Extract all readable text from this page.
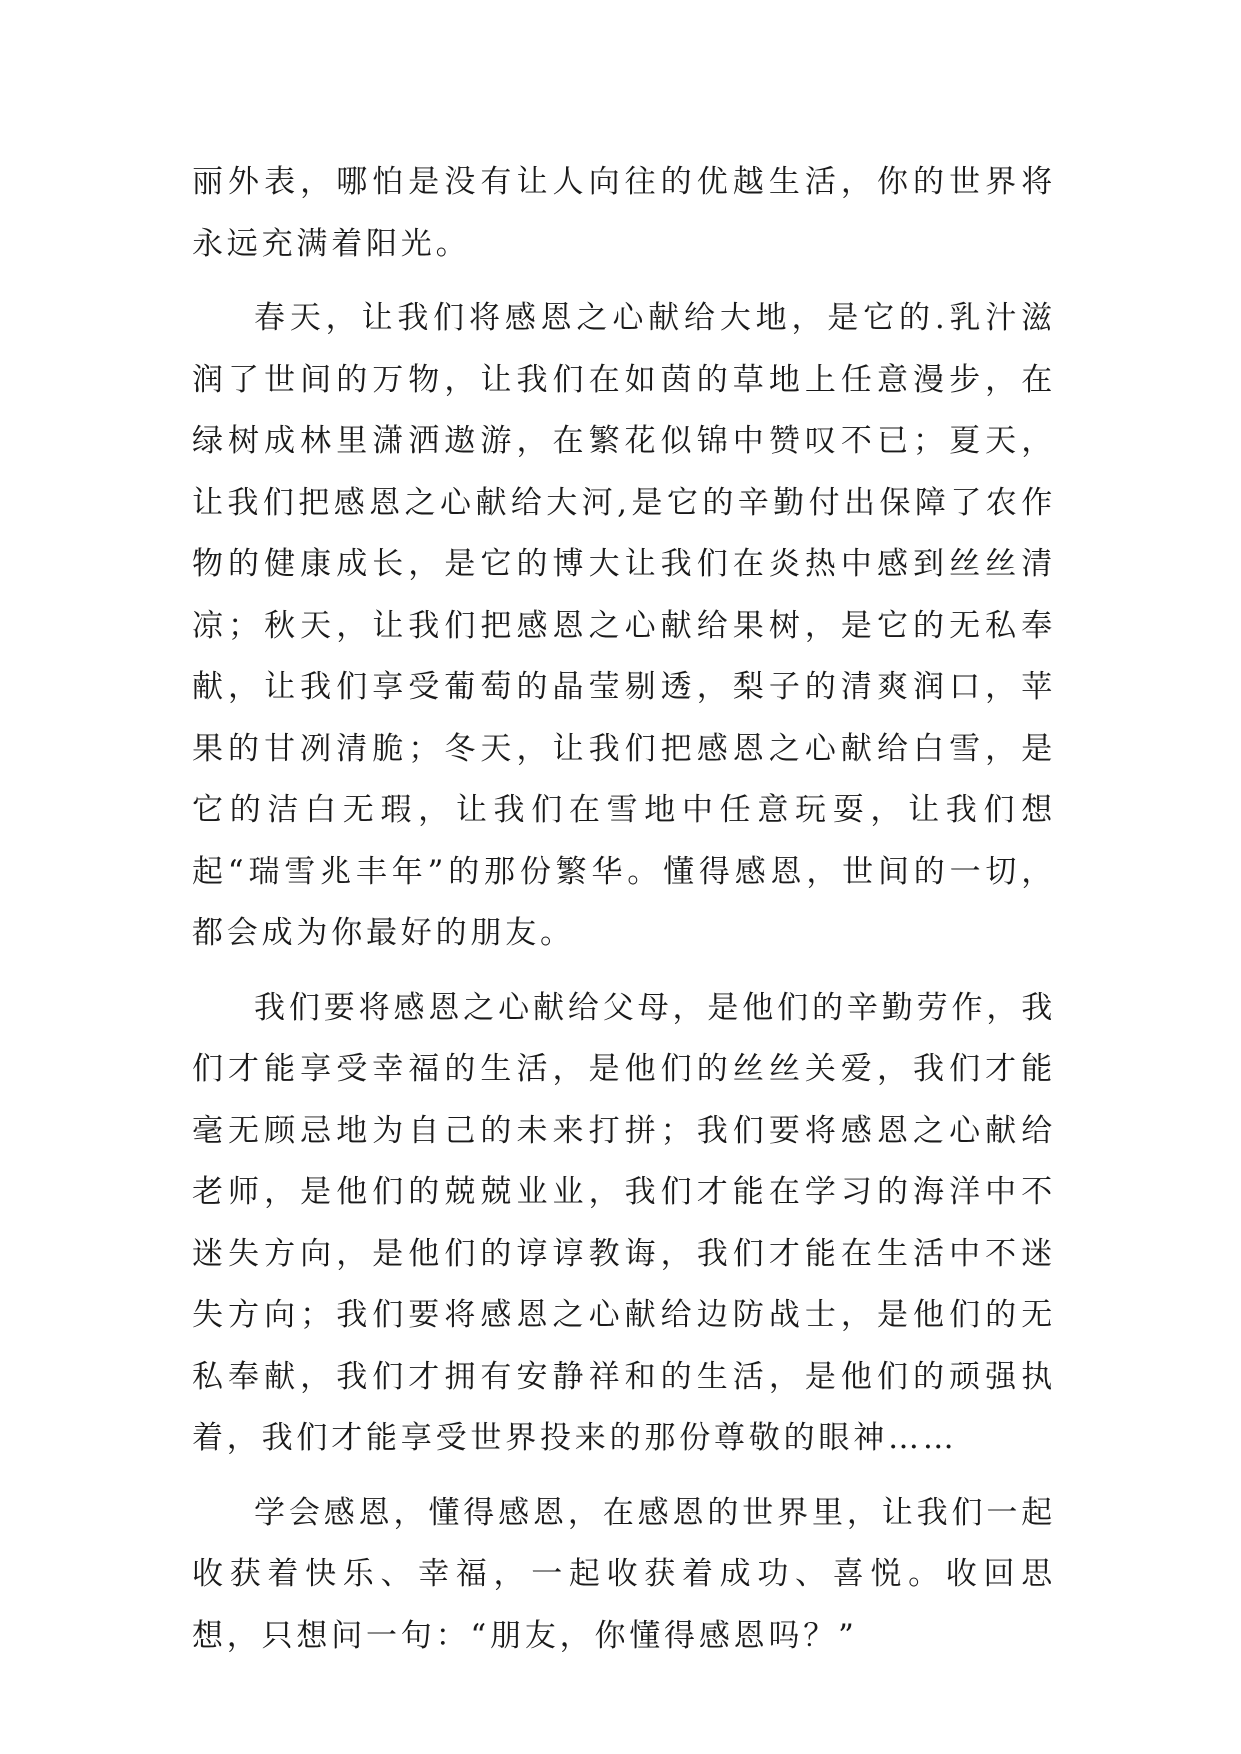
丽外表，哪怕是没有让人向往的优越生活，你的世界将永远充满着阳光。

春天，让我们将感恩之心献给大地，是它的.乳汁滋润了世间的万物，让我们在如茵的草地上任意漫步，在绿树成林里潇洒遨游，在繁花似锦中赞叹不已；夏天，让我们把感恩之心献给大河,是它的辛勤付出保障了农作物的健康成长，是它的博大让我们在炎热中感到丝丝清凉；秋天，让我们把感恩之心献给果树，是它的无私奉献，让我们享受葡萄的晶莹剔透，梨子的清爽润口，苹果的甘冽清脆；冬天，让我们把感恩之心献给白雪，是它的洁白无瑕，让我们在雪地中任意玩耍，让我们想起“瑞雪兆丰年”的那份繁华。懂得感恩，世间的一切，都会成为你最好的朋友。

我们要将感恩之心献给父母，是他们的辛勤劳作，我们才能享受幸福的生活，是他们的丝丝关爱，我们才能毫无顾忌地为自己的未来打拼；我们要将感恩之心献给老师，是他们的兢兢业业，我们才能在学习的海洋中不迷失方向，是他们的谆谆教诲，我们才能在生活中不迷失方向；我们要将感恩之心献给边防战士，是他们的无私奉献，我们才拥有安静祥和的生活，是他们的顽强执着，我们才能享受世界投来的那份尊敬的眼神……

学会感恩，懂得感恩，在感恩的世界里，让我们一起收获着快乐、幸福，一起收获着成功、喜悦。收回思想，只想问一句：“朋友，你懂得感恩吗？”
